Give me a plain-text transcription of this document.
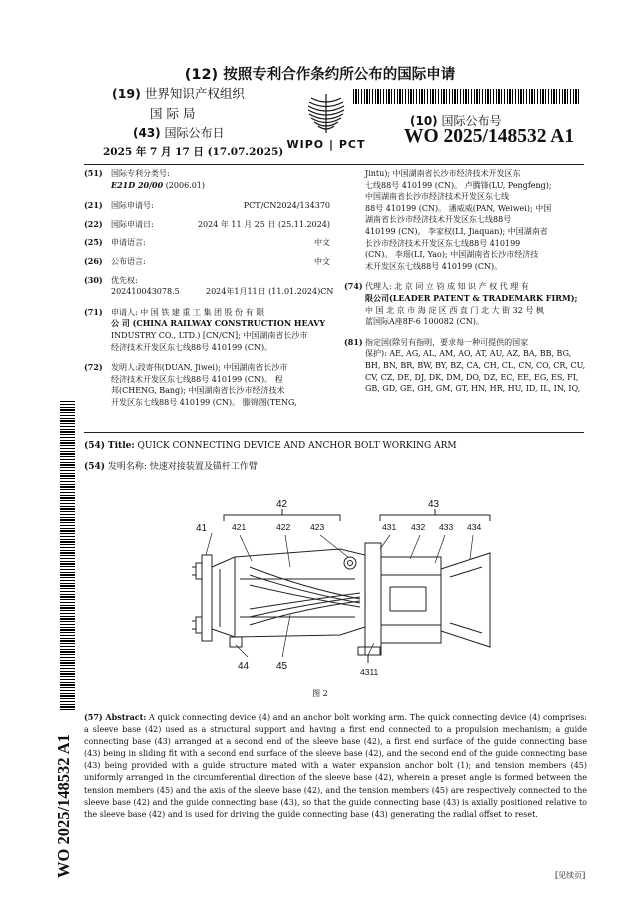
(12) 按照专利合作条约所公布的国际申请
(19) 世界知识产权组织
国 际 局
(43) 国际公布日
2025 年 7 月 17 日 (17.07.2025)
WIPO | PCT
(10) 国际公布号
WO 2025/148532 A1
(51)	国际专利分类号:
E21D 20/00 (2006.01)
(21)	国际申请号:	PCT/CN2024/134370
(22)	国际申请日:	2024 年 11 月 25 日 (25.11.2024)
(25)	申请语言:	中文
(26)	公布语言:	中文
(30)	优先权:
202410043078.5	2024年1月11日 (11.01.2024) CN
(71)	申请人: 中 国 铁 建 重 工 集 团 股 份 有 限
公 司 (CHINA RAILWAY CONSTRUCTION HEAVY
INDUSTRY CO., LTD.) [CN/CN]; 中国湖南省长沙市
经济技术开发区东七线88号 410199 (CN)。
(72)	发明人:段寄伟(DUAN, Jiwei); 中国湖南省长沙市
经济技术开发区东七线88号 410199 (CN)。 程
邦(CHENG, Bang); 中国湖南省长沙市经济技术
开发区东七线88号 410199 (CN)。 滕锦图(TENG,
Jintu); 中国湖南省长沙市经济技术开发区东
七线88号 410199 (CN)。 卢腾锋(LU, Pengfeng);
中国湖南省长沙市经济技术开发区东七线
88号 410199 (CN)。 潘威威(PAN, Weiwei); 中国
湖南省长沙市经济技术开发区东七线88号
410199 (CN)。 李家权(LI, Jiaquan); 中国湖南省
长沙市经济技术开发区东七线88号 410199
(CN)。 李瑶(LI, Yao); 中国湖南省长沙市经济技
术开发区东七线88号 410199 (CN)。
(74) 代理人: 北 京 同 立 钧 成 知 识 产 权 代 理 有
限公司(LEADER PATENT & TRADEMARK FIRM);
中 国 北 京 市 海 淀 区 西 直 门 北 大 街 32 号 枫
蓝国际A座8F-6 100082 (CN)。
(81) 指定国(除另有指明，要求每一种可提供的国家
保护): AE, AG, AL, AM, AO, AT, AU, AZ, BA, BB, BG,
BH, BN, BR, BW, BY, BZ, CA, CH, CL, CN, CO, CR, CU,
CV, CZ, DE, DJ, DK, DM, DO, DZ, EC, EE, EG, ES, FI,
GB, GD, GE, GH, GM, GT, HN, HR, HU, ID, IL, IN, IQ,
(54) Title: QUICK CONNECTING DEVICE AND ANCHOR BOLT WORKING ARM
(54) 发明名称: 快速对接装置及锚杆工作臂
42	43
41	421	422 423	431 432 433 434
44	45	4311
图 2
(57) Abstract: A quick connecting device (4) and an anchor bolt working arm. The quick connecting device (4) comprises: a sleeve base (42) used as a structural support and having a first end connected to a propulsion mechanism; a guide connecting base (43) arranged at a second end of the sleeve base (42), a first end surface of the guide connecting base (43) being in sliding fit with a second end surface of the sleeve base (42), and the second end of the guide connecting base (43) being provided with a guide structure mated with a water expansion anchor bolt (1); and tension members (45) uniformly arranged in the circumferential direction of the sleeve base (42), wherein a preset angle is formed between the tension members (45) and the axis of the sleeve base (42), and the tension members (45) are respectively connected to the sleeve base (42) and the guide connecting base (43), so that the guide connecting base (43) is axially positioned relative to the sleeve base (42) and is used for driving the guide connecting base (43) generating the radial offset to reset.
WO 2025/148532 A1	[见续页]
